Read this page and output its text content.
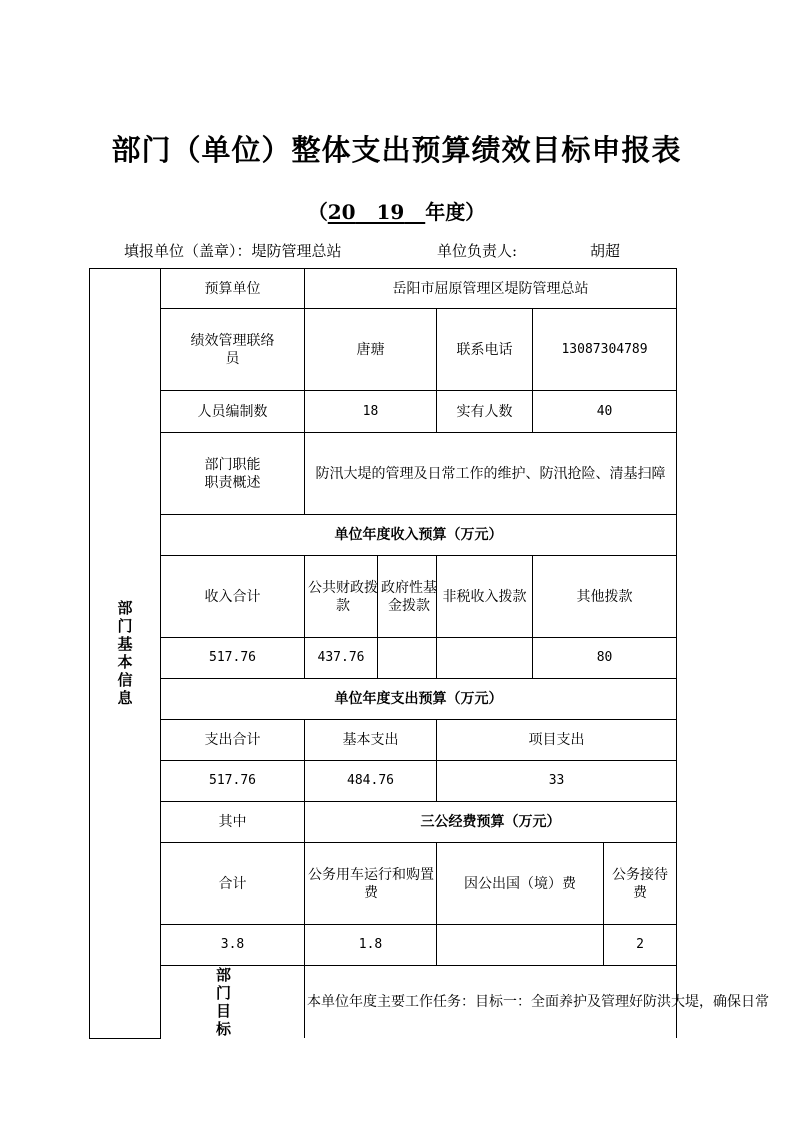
部门（单位）整体支出预算绩效目标申报表
（20 19 年度）
填报单位（盖章）：堤防管理总站	单位负责人:	胡超
部门基本信息	预算单位	岳阳市屈原管理区堤防管理总站				

	绩效管理联络员	唐瑭		联系电话	13087304789	
	人员编制数	18		实有人数	40	

	部门职能职责概述	防汛大堤的管理及日常工作的维护、防汛抢险、清基扫障				
	单位年度收入预算（万元）					
	收入合计	公共财政拨款	政府性基金拨款	非税收入拨款	其他拨款	
	517.76	437.76			80	
	单位年度支出预算（万元）					
	支出合计	基本支出		项目支出		
	517.76	484.76		33		
	其中	三公经费预算（万元）				
	合计	公务用车运行和购置费		因公出国（境）费		公务接待费

	3.8	1.8				2

	部门目标	本单位年度主要工作任务：目标一：全面养护及管理好防洪大堤，确保日常				
